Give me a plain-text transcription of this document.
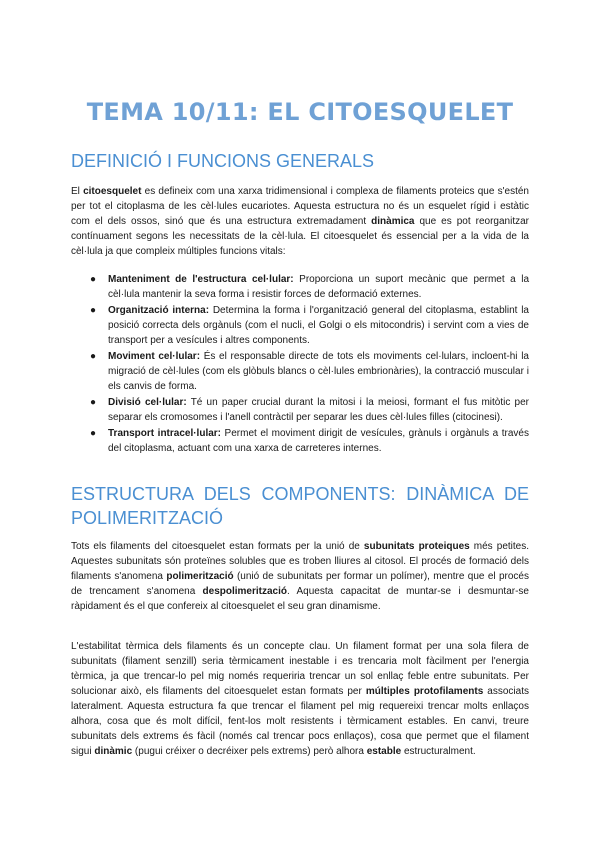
TEMA 10/11: EL CITOESQUELET
DEFINICIÓ I FUNCIONS GENERALS

El citoesquelet es defineix com una xarxa tridimensional i complexa de filaments proteics que s'estén per tot el citoplasma de les cèl·lules eucariotes. Aquesta estructura no és un esquelet rígid i estàtic com el dels ossos, sinó que és una estructura extremadament dinàmica que es pot reorganitzar contínuament segons les necessitats de la cèl·lula. El citoesquelet és essencial per a la vida de la cèl·lula ja que compleix múltiples funcions vitals:

● Manteniment de l'estructura cel·lular: Proporciona un suport mecànic que permet a la cèl·lula mantenir la seva forma i resistir forces de deformació externes.
● Organització interna: Determina la forma i l'organització general del citoplasma, establint la posició correcta dels orgànuls (com el nucli, el Golgi o els mitocondris) i servint com a vies de transport per a vesícules i altres components.
● Moviment cel·lular: És el responsable directe de tots els moviments cel·lulars, incloent-hi la migració de cèl·lules (com els glòbuls blancs o cèl·lules embrionàries), la contracció muscular i els canvis de forma.
● Divisió cel·lular: Té un paper crucial durant la mitosi i la meiosi, formant el fus mitòtic per separar els cromosomes i l'anell contràctil per separar les dues cèl·lules filles (citocinesi).
● Transport intracel·lular: Permet el moviment dirigit de vesícules, grànuls i orgànuls a través del citoplasma, actuant com una xarxa de carreteres internes.
ESTRUCTURA DELS COMPONENTS: DINÀMICA DE
POLIMERITZACIÓ

Tots els filaments del citoesquelet estan formats per la unió de subunitats proteiques més petites. Aquestes subunitats són proteïnes solubles que es troben lliures al citosol. El procés de formació dels filaments s'anomena polimerització (unió de subunitats per formar un polímer), mentre que el procés de trencament s'anomena despolimerització. Aquesta capacitat de muntar-se i desmuntar-se ràpidament és el que confereix al citoesquelet el seu gran dinamisme.

L'estabilitat tèrmica dels filaments és un concepte clau. Un filament format per una sola filera de subunitats (filament senzill) seria tèrmicament inestable i es trencaria molt fàcilment per l'energia tèrmica, ja que trencar-lo pel mig només requeriria trencar un sol enllaç feble entre subunitats. Per solucionar això, els filaments del citoesquelet estan formats per múltiples protofilaments associats lateralment. Aquesta estructura fa que trencar el filament pel mig requereixi trencar molts enllaços alhora, cosa que és molt difícil, fent-los molt resistents i tèrmicament estables. En canvi, treure subunitats dels extrems és fàcil (només cal trencar pocs enllaços), cosa que permet que el filament sigui dinàmic (pugui créixer o decréixer pels extrems) però alhora estable estructuralment.
